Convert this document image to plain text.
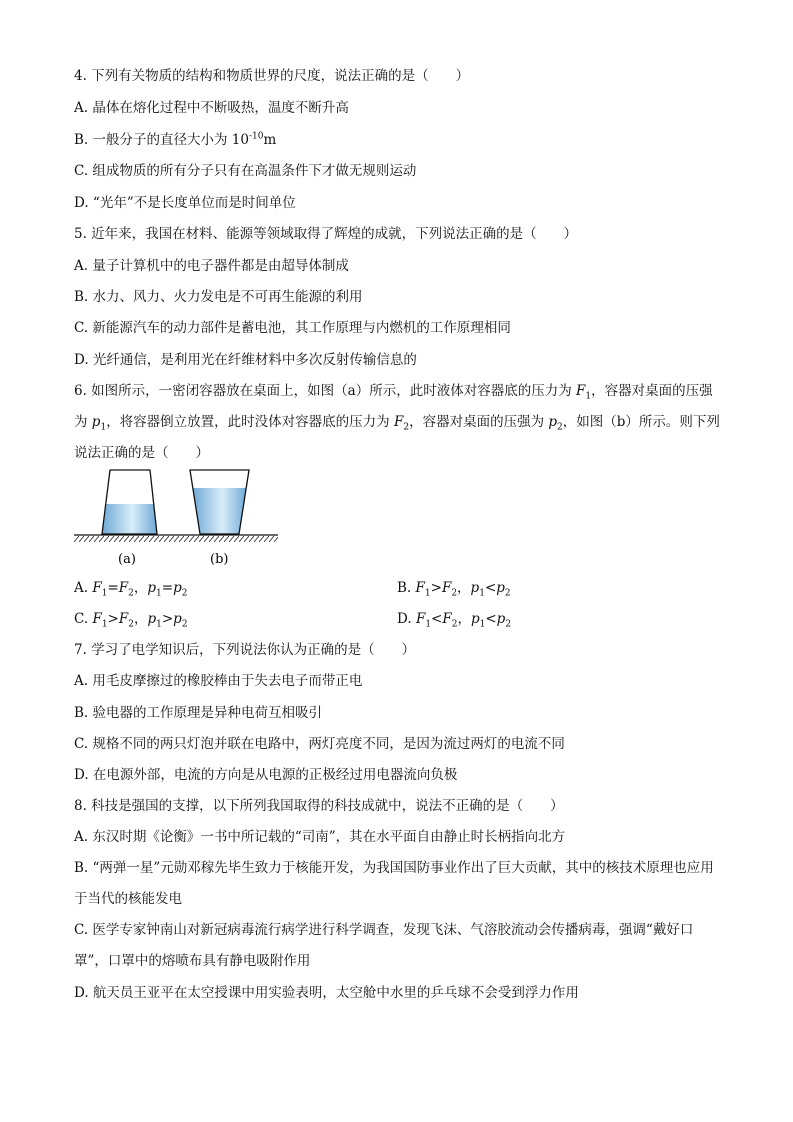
4. 下列有关物质的结构和物质世界的尺度，说法正确的是（　　）
A. 晶体在熔化过程中不断吸热，温度不断升高
B. 一般分子的直径大小为 $10^{-10}m$
C. 组成物质的所有分子只有在高温条件下才做无规则运动
D. “光年”不是长度单位而是时间单位
5. 近年来，我国在材料、能源等领域取得了辉煌的成就，下列说法正确的是（　　）
A. 量子计算机中的电子器件都是由超导体制成
B. 水力、风力、火力发电是不可再生能源的利用
C. 新能源汽车的动力部件是蓄电池，其工作原理与内燃机的工作原理相同
D. 光纤通信，是利用光在纤维材料中多次反射传输信息的
6. 如图所示，一密闭容器放在桌面上，如图（a）所示，此时液体对容器底的压力为 $F_1$，容器对桌面的压强为 $p_1$，将容器倒立放置，此时没体对容器底的压力为 $F_2$，容器对桌面的压强为 $p_2$，如图（b）所示。则下列说法正确的是（　　）
(a)	(b)
A. $F_1=F_2$，$p_1=p_2$	B. $F_1>F_2$，$p_1<p_2$
C. $F_1>F_2$，$p_1>p_2$	D. $F_1<F_2$，$p_1<p_2$
7. 学习了电学知识后，下列说法你认为正确的是（　　）
A. 用毛皮摩擦过的橡胶棒由于失去电子而带正电
B. 验电器的工作原理是异种电荷互相吸引
C. 规格不同的两只灯泡并联在电路中，两灯亮度不同，是因为流过两灯的电流不同
D. 在电源外部，电流的方向是从电源的正极经过用电器流向负极
8. 科技是强国的支撑，以下所列我国取得的科技成就中，说法不正确的是（　　）
A. 东汉时期《论衡》一书中所记载的“司南”，其在水平面自由静止时长柄指向北方
B. “两弹一星”元勋邓稼先毕生致力于核能开发，为我国国防事业作出了巨大贡献，其中的核技术原理也应用于当代的核能发电
C. 医学专家钟南山对新冠病毒流行病学进行科学调查，发现飞沫、气溶胶流动会传播病毒，强调“戴好口罩”，口罩中的熔喷布具有静电吸附作用
D. 航天员王亚平在太空授课中用实验表明，太空舱中水里的乒乓球不会受到浮力作用
